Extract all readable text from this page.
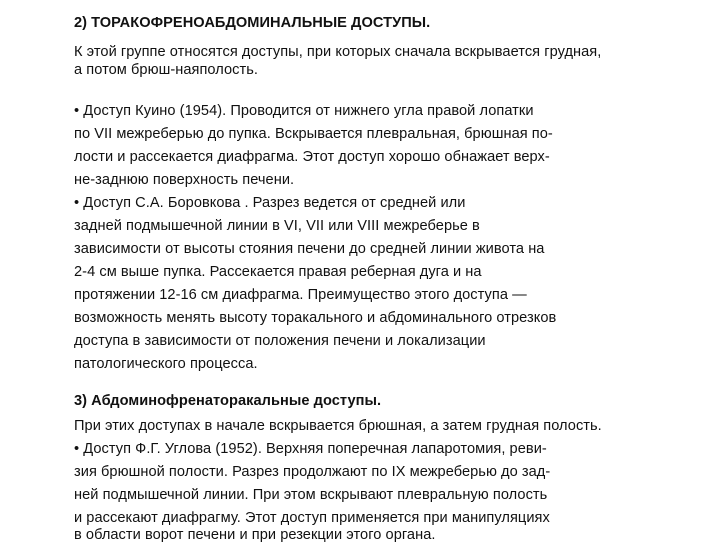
2) ТОРАКОФРЕНОАБДОМИНАЛЬНЫЕ ДОСТУПЫ.
К этой группе относятся доступы, при которых сначала вскрывается грудная,
а потом брюш-наяполость.
• Доступ Куино (1954). Проводится от нижнего угла правой лопатки
по VII межреберью до пупка. Вскрывается плевральная, брюшная по-
лости и рассекается диафрагма. Этот доступ хорошо обнажает верх-
не-заднюю поверхность печени.
• Доступ С.А. Боровкова . Разрез ведется от средней или
задней подмышечной линии в VI, VII или VIII межреберье в
зависимости от высоты стояния печени до средней линии живота на
2-4 см выше пупка. Рассекается правая реберная дуга и на
протяжении 12-16 см диафрагма. Преимущество этого доступа —
возможность менять высоту торакального и абдоминального отрезков
доступа в зависимости от положения печени и локализации
патологического процесса.
3) Абдоминофренаторакальные доступы.
При этих доступах в начале вскрывается брюшная, а затем грудная полость.
• Доступ Ф.Г. Углова (1952). Верхняя поперечная лапаротомия, реви-
зия брюшной полости. Разрез продолжают по IX межреберью до зад-
ней подмышечной линии. При этом вскрывают плевральную полость
и рассекают диафрагму. Этот доступ применяется при манипуляциях
в области ворот печени и при резекции этого органа.
